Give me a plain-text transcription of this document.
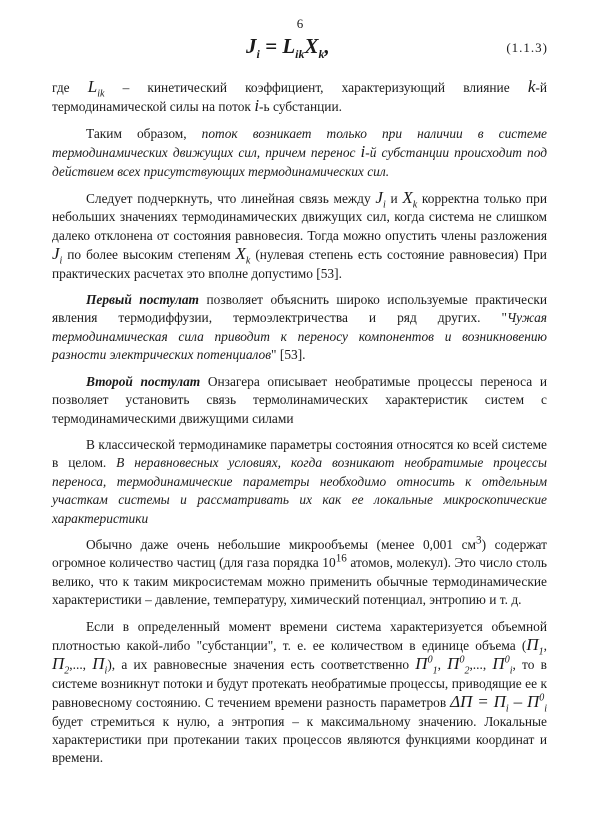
6
$J_i = L_{ik}X_k$,	(1.1.3)

где $L_{ik}$ – кинетический коэффициент, характеризующий влияние k-й термодинамической силы на поток i-ь субстанции.

Таким образом, поток возникает только при наличии в системе термодинамических движущих сил, причем перенос i-й субстанции происходит под действием всех присутствующих термодинамических сил.

Следует подчеркнуть, что линейная связь между $J_i$ и $X_k$ корректна только при небольших значениях термодинамических движущих сил, когда система не слишком далеко отклонена от состояния равновесия. Тогда можно опустить члены разложения $J_i$ по более высоким степеням $X_k$ (нулевая степень есть состояние равновесия) При практических расчетах это вполне допустимо [53].

Первый постулат позволяет объяснить широко используемые практически явления термодиффузии, термоэлектричества и ряд других. "Чужая термодинамическая сила приводит к переносу компонентов и возникновению разности электрических потенциалов" [53].

Второй постулат Онзагера описывает необратимые процессы переноса и позволяет установить связь термолинамических характеристик систем с термодинамическими движущими силами

В классической термодинамике параметры состояния относятся ко всей системе в целом. В неравновесных условиях, когда возникают необратимые процессы переноса, термодинамические параметры необходимо относить к отдельным участкам системы и рассматривать их как ее локальные микроскопические характеристики

Обычно даже очень небольшие микрообъемы (менее 0,001 $см^3$) содержат огромное количество частиц (для газа порядка $10^{16}$ атомов, молекул). Это число столь велико, что к таким микросистемам можно применить обычные термодинамические характеристики – давление, температуру, химический потенциал, энтропию и т. д.

Если в определенный момент времени система характеризуется объемной плотностью какой-либо "субстанции", т. е. ее количеством в единице объема ($П_1$, $П_2$,..., $П_i$), а их равновесные значения есть соответственно $П^0_1$, $П^0_2$,..., $П^0_i$, то в системе возникнут потоки и будут протекать необратимые процессы, приводящие ее к равновесному состоянию. С течением времени разность параметров $\Delta П = П_i - П^0_i$ будет стремиться к нулю, а энтропия – к максимальному значению. Локальные характеристики при протекании таких процессов являются функциями координат и времени.
